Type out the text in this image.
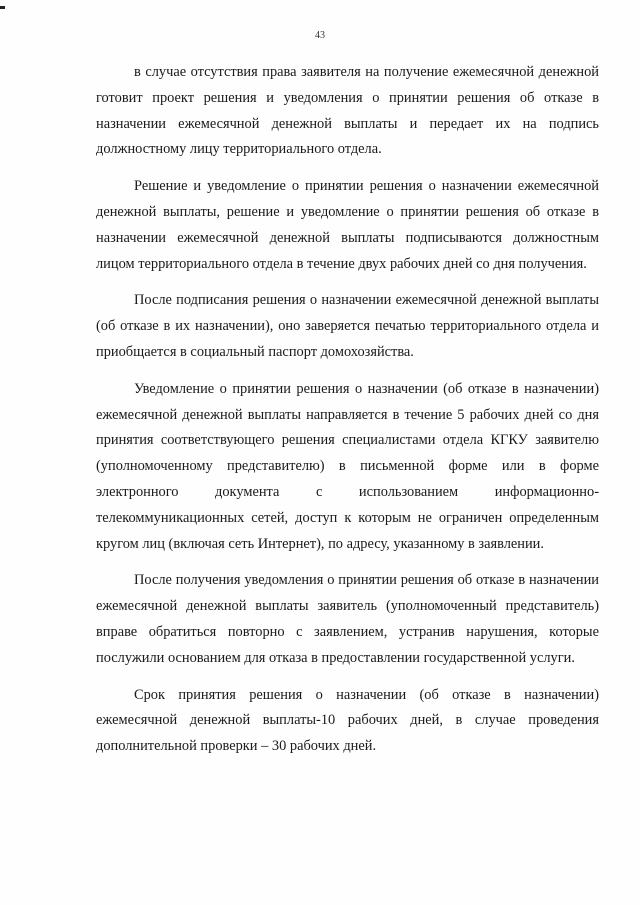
43

в случае отсутствия права заявителя на получение ежемесячной денежной готовит проект решения и уведомления о принятии решения об отказе в назначении ежемесячной денежной выплаты и передает их на подпись должностному лицу территориального отдела.

Решение и уведомление о принятии решения о назначении ежемесячной денежной выплаты, решение и уведомление о принятии решения об отказе в назначении ежемесячной денежной выплаты подписываются должностным лицом территориального отдела в течение двух рабочих дней со дня получения.

После подписания решения о назначении ежемесячной денежной выплаты (об отказе в их назначении), оно заверяется печатью территориального отдела и приобщается в социальный паспорт домохозяйства.

Уведомление о принятии решения о назначении (об отказе в назначении) ежемесячной денежной выплаты направляется в течение 5 рабочих дней со дня принятия соответствующего решения специалистами отдела КГКУ заявителю (уполномоченному представителю) в письменной форме или в форме электронного документа с использованием информационно-телекоммуникационных сетей, доступ к которым не ограничен определенным кругом лиц (включая сеть Интернет), по адресу, указанному в заявлении.

После получения уведомления о принятии решения об отказе в назначении ежемесячной денежной выплаты заявитель (уполномоченный представитель) вправе обратиться повторно с заявлением, устранив нарушения, которые послужили основанием для отказа в предоставлении государственной услуги.

Срок принятия решения о назначении (об отказе в назначении) ежемесячной денежной выплаты-10 рабочих дней, в случае проведения дополнительной проверки – 30 рабочих дней.
